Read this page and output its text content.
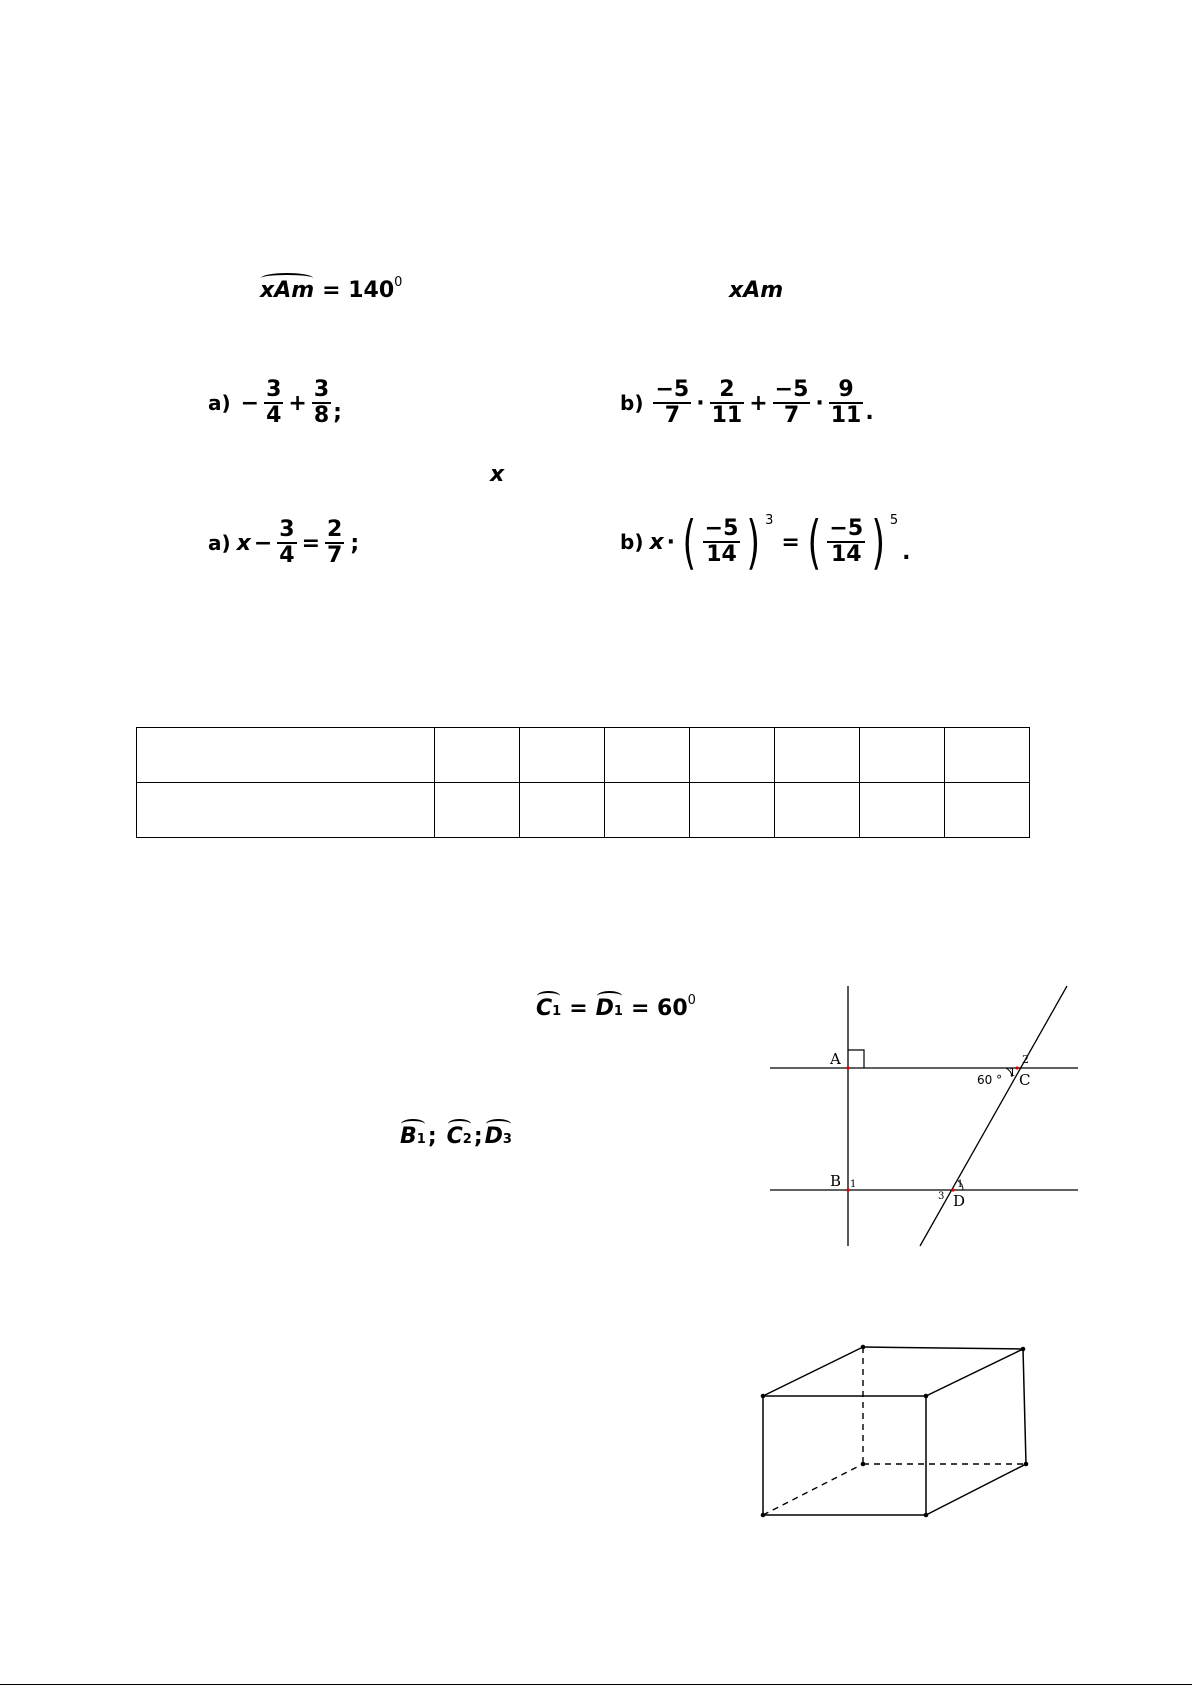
xAm = 140 0	xAm
$a) - \frac{3}{4} + \frac{3}{8}$ ;	$b) \frac{-5}{7} \cdot \frac{2}{11} + \frac{-5}{7} \cdot \frac{9}{11}$ .
x
a) $x - \frac{3}{4} = \frac{2}{7}$ ;	b) x · ( $\frac{-5}{14}$ ) 3
= ( $\frac{-5}{14}$ ) 5
.

C1 = D1 = 60 0
B1 ; C2 ; D3
A
B
C
D
60 °
1
2
1	1
3
